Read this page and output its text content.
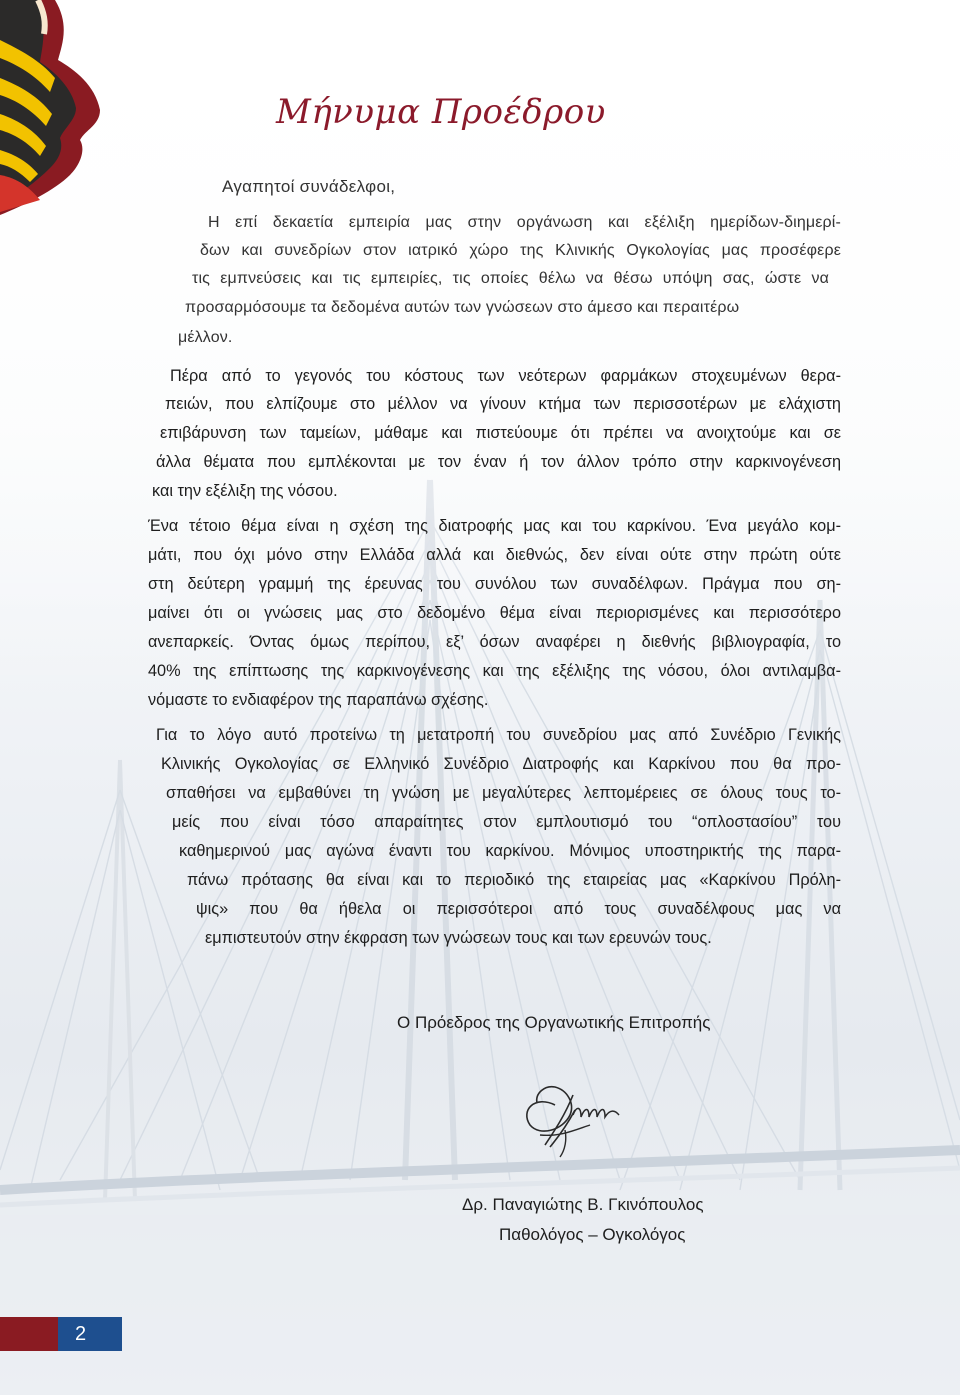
Μήνυμα Προέδρου
Αγαπητοί συνάδελφοι,
Η επί δεκαετία εμπειρία μας στην οργάνωση και εξέλιξη ημερίδων-διημερί-
δων και συνεδρίων στον ιατρικό χώρο της Κλινικής Ογκολογίας μας προσέφερε
τις εμπνεύσεις και τις εμπειρίες, τις οποίες θέλω να θέσω υπόψη σας, ώστε να
προσαρμόσουμε τα δεδομένα αυτών των γνώσεων στο άμεσο και περαιτέρω
μέλλον.
Πέρα από το γεγονός του κόστους των νεότερων φαρμάκων στοχευμένων θερα-
πειών, που ελπίζουμε στο μέλλον να γίνουν κτήμα των περισσοτέρων με ελάχιστη
επιβάρυνση των ταμείων, μάθαμε και πιστεύουμε ότι πρέπει να ανοιχτούμε και σε
άλλα θέματα που εμπλέκονται με τον έναν ή τον άλλον τρόπο στην καρκινογένεση
και την εξέλιξη της νόσου.
Ένα τέτοιο θέμα είναι η σχέση της διατροφής μας και του καρκίνου. Ένα μεγάλο κομ-
μάτι, που όχι μόνο στην Ελλάδα αλλά και διεθνώς, δεν είναι ούτε στην πρώτη ούτε
στη δεύτερη γραμμή της έρευνας του συνόλου των συναδέλφων. Πράγμα που ση-
μαίνει ότι οι γνώσεις μας στο δεδομένο θέμα είναι περιορισμένες και περισσότερο
ανεπαρκείς. Όντας όμως περίπου, εξ’ όσων αναφέρει η διεθνής βιβλιογραφία, το
40% της επίπτωσης της καρκινογένεσης και της εξέλιξης της νόσου, όλοι αντιλαμβα-
νόμαστε το ενδιαφέρον της παραπάνω σχέσης.
Για το λόγο αυτό προτείνω τη μετατροπή του συνεδρίου μας από Συνέδριο Γενικής
Κλινικής Ογκολογίας σε Ελληνικό Συνέδριο Διατροφής και Καρκίνου που θα προ-
σπαθήσει να εμβαθύνει τη γνώση με μεγαλύτερες λεπτομέρειες σε όλους τους το-
μείς που είναι τόσο απαραίτητες στον εμπλουτισμό του “οπλοστασίου” του
καθημερινού μας αγώνα έναντι του καρκίνου. Μόνιμος υποστηρικτής της παρα-
πάνω πρότασης θα είναι και το περιοδικό της εταιρείας μας «Καρκίνου Πρόλη-
ψις» που θα ήθελα οι περισσότεροι από τους συναδέλφους μας να
εμπιστευτούν στην έκφραση των γνώσεων τους και των ερευνών τους.
Ο Πρόεδρος της Οργανωτικής Επιτροπής
Δρ. Παναγιώτης Β. Γκινόπουλος
Παθολόγος – Ογκολόγος
2
